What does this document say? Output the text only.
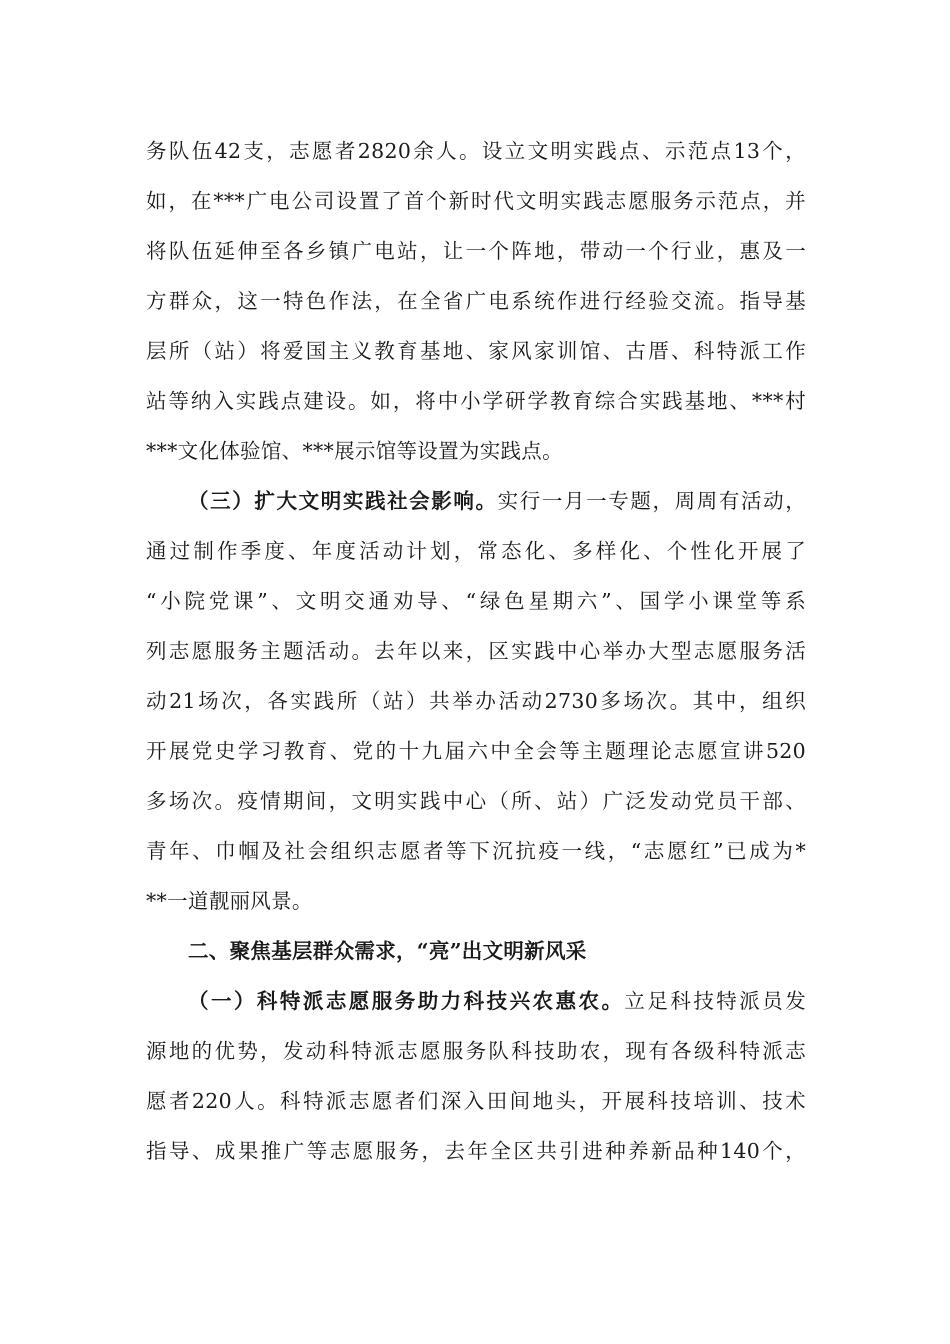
务队伍42支，志愿者2820余人。设立文明实践点、示范点13个，
如，在***广电公司设置了首个新时代文明实践志愿服务示范点，并
将队伍延伸至各乡镇广电站，让一个阵地，带动一个行业，惠及一
方群众，这一特色作法，在全省广电系统作进行经验交流。指导基
层所（站）将爱国主义教育基地、家风家训馆、古厝、科特派工作
站等纳入实践点建设。如，将中小学研学教育综合实践基地、***村
***文化体验馆、***展示馆等设置为实践点。
（三）扩大文明实践社会影响。实行一月一专题，周周有活动，
通过制作季度、年度活动计划，常态化、多样化、个性化开展了
“小院党课”、文明交通劝导、“绿色星期六”、国学小课堂等系
列志愿服务主题活动。去年以来，区实践中心举办大型志愿服务活
动21场次，各实践所（站）共举办活动2730多场次。其中，组织
开展党史学习教育、党的十九届六中全会等主题理论志愿宣讲520
多场次。疫情期间，文明实践中心（所、站）广泛发动党员干部、
青年、巾帼及社会组织志愿者等下沉抗疫一线，“志愿红”已成为*
**一道靓丽风景。
二、聚焦基层群众需求，“亮”出文明新风采
（一）科特派志愿服务助力科技兴农惠农。立足科技特派员发
源地的优势，发动科特派志愿服务队科技助农，现有各级科特派志
愿者220人。科特派志愿者们深入田间地头，开展科技培训、技术
指导、成果推广等志愿服务，去年全区共引进种养新品种140个，
